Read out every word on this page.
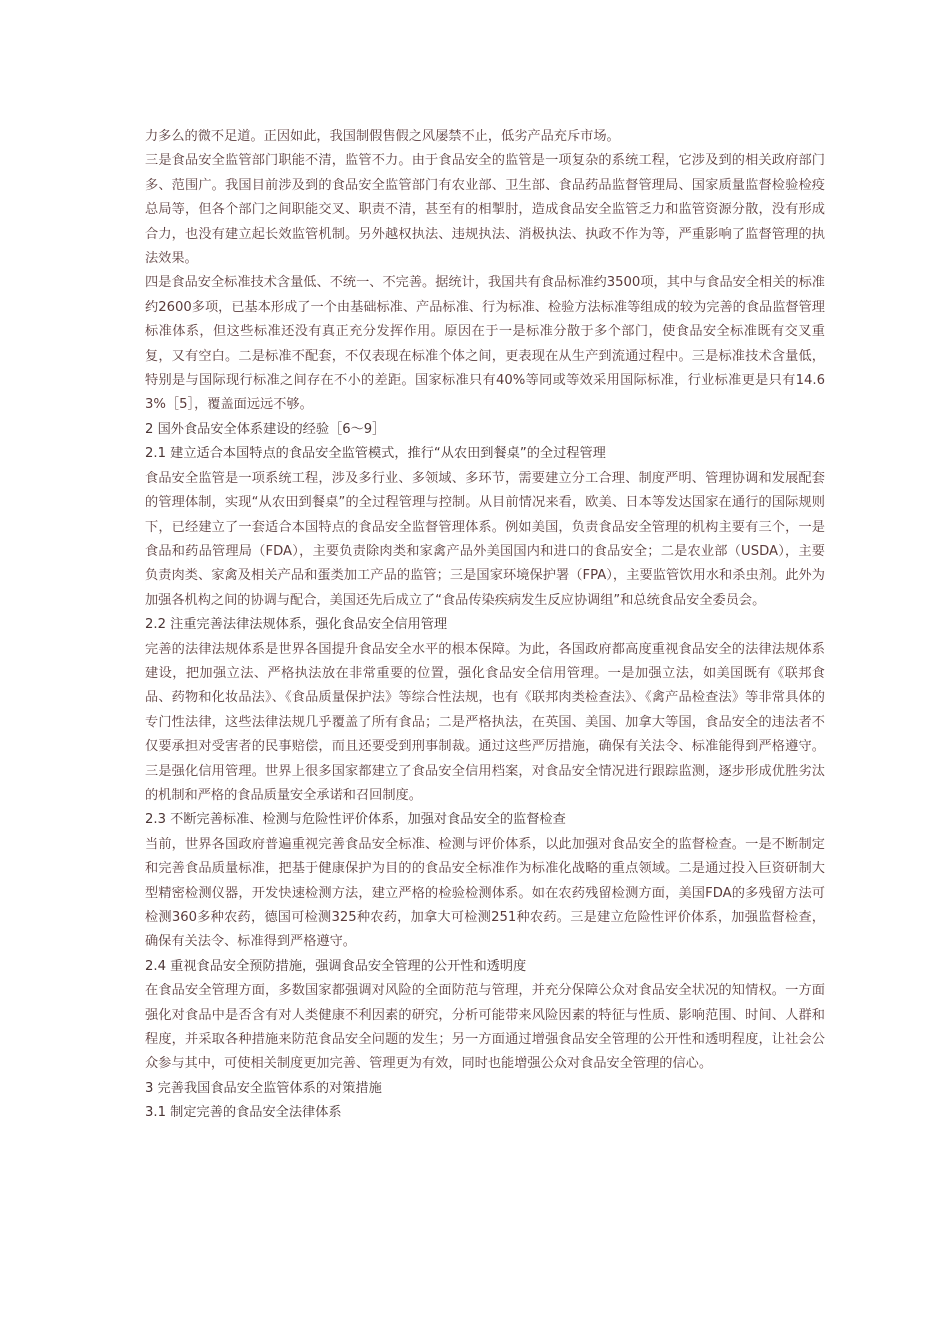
力多么的微不足道。正因如此，我国制假售假之风屡禁不止，低劣产品充斥市场。

三是食品安全监管部门职能不清，监管不力。由于食品安全的监管是一项复杂的系统工程，它涉及到的相关政府部门多、范围广。我国目前涉及到的食品安全监管部门有农业部、卫生部、食品药品监督管理局、国家质量监督检验检疫总局等，但各个部门之间职能交叉、职责不清，甚至有的相掣肘，造成食品安全监管乏力和监管资源分散，没有形成合力，也没有建立起长效监管机制。另外越权执法、违规执法、消极执法、执政不作为等，严重影响了监督管理的执法效果。

四是食品安全标准技术含量低、不统一、不完善。据统计，我国共有食品标准约3500项，其中与食品安全相关的标准约2600多项，已基本形成了一个由基础标准、产品标准、行为标准、检验方法标准等组成的较为完善的食品监督管理标准体系，但这些标准还没有真正充分发挥作用。原因在于一是标准分散于多个部门，使食品安全标准既有交叉重复，又有空白。二是标准不配套，不仅表现在标准个体之间，更表现在从生产到流通过程中。三是标准技术含量低，特别是与国际现行标准之间存在不小的差距。国家标准只有40%等同或等效采用国际标准，行业标准更是只有14.63%［5］，覆盖面远远不够。

2 国外食品安全体系建设的经验［6～9］

2.1 建立适合本国特点的食品安全监管模式，推行“从农田到餐桌”的全过程管理

食品安全监管是一项系统工程，涉及多行业、多领域、多环节，需要建立分工合理、制度严明、管理协调和发展配套的管理体制，实现“从农田到餐桌”的全过程管理与控制。从目前情况来看，欧美、日本等发达国家在通行的国际规则下，已经建立了一套适合本国特点的食品安全监督管理体系。例如美国，负责食品安全管理的机构主要有三个，一是食品和药品管理局（FDA），主要负责除肉类和家禽产品外美国国内和进口的食品安全；二是农业部（USDA），主要负责肉类、家禽及相关产品和蛋类加工产品的监管；三是国家环境保护署（FPA），主要监管饮用水和杀虫剂。此外为加强各机构之间的协调与配合，美国还先后成立了“食品传染疾病发生反应协调组”和总统食品安全委员会。

2.2 注重完善法律法规体系，强化食品安全信用管理

完善的法律法规体系是世界各国提升食品安全水平的根本保障。为此，各国政府都高度重视食品安全的法律法规体系建设，把加强立法、严格执法放在非常重要的位置，强化食品安全信用管理。一是加强立法，如美国既有《联邦食品、药物和化妆品法》、《食品质量保护法》等综合性法规，也有《联邦肉类检查法》、《禽产品检查法》等非常具体的专门性法律，这些法律法规几乎覆盖了所有食品；二是严格执法，在英国、美国、加拿大等国，食品安全的违法者不仅要承担对受害者的民事赔偿，而且还要受到刑事制裁。通过这些严厉措施，确保有关法令、标准能得到严格遵守。三是强化信用管理。世界上很多国家都建立了食品安全信用档案，对食品安全情况进行跟踪监测，逐步形成优胜劣汰的机制和严格的食品质量安全承诺和召回制度。

2.3 不断完善标准、检测与危险性评价体系，加强对食品安全的监督检查

当前，世界各国政府普遍重视完善食品安全标准、检测与评价体系，以此加强对食品安全的监督检查。一是不断制定和完善食品质量标准，把基于健康保护为目的的食品安全标准作为标准化战略的重点领域。二是通过投入巨资研制大型精密检测仪器，开发快速检测方法，建立严格的检验检测体系。如在农药残留检测方面，美国FDA的多残留方法可检测360多种农药，德国可检测325种农药，加拿大可检测251种农药。三是建立危险性评价体系，加强监督检查，确保有关法令、标准得到严格遵守。

2.4 重视食品安全预防措施，强调食品安全管理的公开性和透明度

在食品安全管理方面，多数国家都强调对风险的全面防范与管理，并充分保障公众对食品安全状况的知情权。一方面强化对食品中是否含有对人类健康不利因素的研究，分析可能带来风险因素的特征与性质、影响范围、时间、人群和程度，并采取各种措施来防范食品安全问题的发生；另一方面通过增强食品安全管理的公开性和透明程度，让社会公众参与其中，可使相关制度更加完善、管理更为有效，同时也能增强公众对食品安全管理的信心。

3 完善我国食品安全监管体系的对策措施

3.1 制定完善的食品安全法律体系
